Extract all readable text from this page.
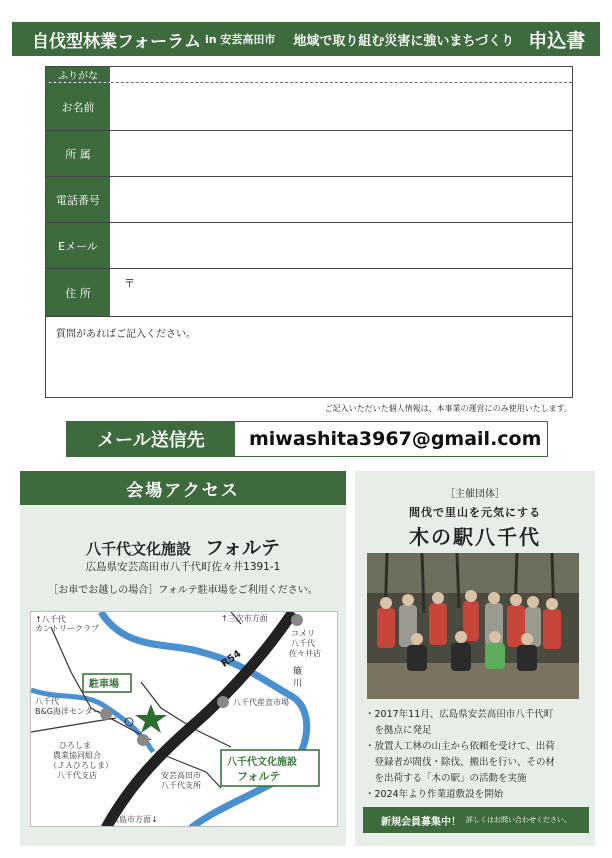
自伐型林業フォーラム in 安芸高田市 地域で取り組む災害に強いまちづくり 申込書
ふりがな
お名前
所 属
電話番号
Eメール
住 所
〒
質問があればご記入ください。
ご記入いただいた個人情報は、本事業の運営にのみ使用いたします。
メール送信先	miwashita3967@gmail.com
会場アクセス
八千代文化施設 フォルテ
広島県安芸高田市八千代町佐々井1391-1
［お車でお越しの場合］フォルテ駐車場をご利用ください。
↑八千代
カントリークラブ
↑三次市方面
コメリ
八千代
佐々井店
R54
簸
川
駐車場
八千代産直市場
八千代
B&G海洋センター
ひろしま
農業協同組合
（ＪＡひろしま）
八千代支店	安芸高田市
八千代支所
八千代文化施設
フォルテ
広島市方面↓
［主催団体］
間伐で里山を元気にする
木の駅八千代
・2017年11月、広島県安芸高田市八千代町
　を拠点に発足
・放置人工林の山主から依頼を受けて、出荷
　登録者が間伐・除伐、搬出を行い、その材
　を出荷する「木の駅」の活動を実施
・2024年より作業道敷設を開始
新規会員募集中！ 詳しくはお問い合わせください。
